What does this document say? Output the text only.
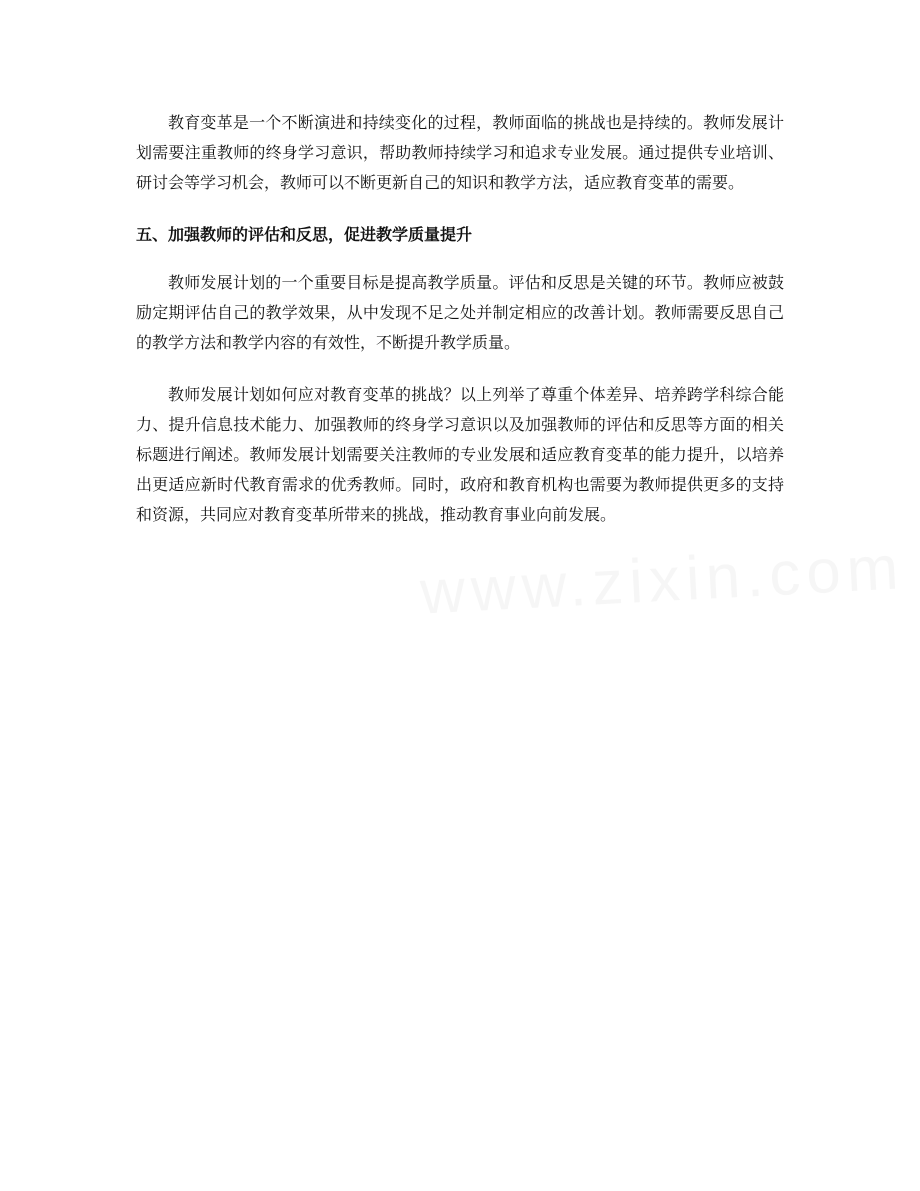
教育变革是一个不断演进和持续变化的过程，教师面临的挑战也是持续的。教师发展计划需要注重教师的终身学习意识，帮助教师持续学习和追求专业发展。通过提供专业培训、研讨会等学习机会，教师可以不断更新自己的知识和教学方法，适应教育变革的需要。

五、加强教师的评估和反思，促进教学质量提升

教师发展计划的一个重要目标是提高教学质量。评估和反思是关键的环节。教师应被鼓励定期评估自己的教学效果，从中发现不足之处并制定相应的改善计划。教师需要反思自己的教学方法和教学内容的有效性，不断提升教学质量。

教师发展计划如何应对教育变革的挑战？以上列举了尊重个体差异、培养跨学科综合能力、提升信息技术能力、加强教师的终身学习意识以及加强教师的评估和反思等方面的相关标题进行阐述。教师发展计划需要关注教师的专业发展和适应教育变革的能力提升，以培养出更适应新时代教育需求的优秀教师。同时，政府和教育机构也需要为教师提供更多的支持和资源，共同应对教育变革所带来的挑战，推动教育事业向前发展。
